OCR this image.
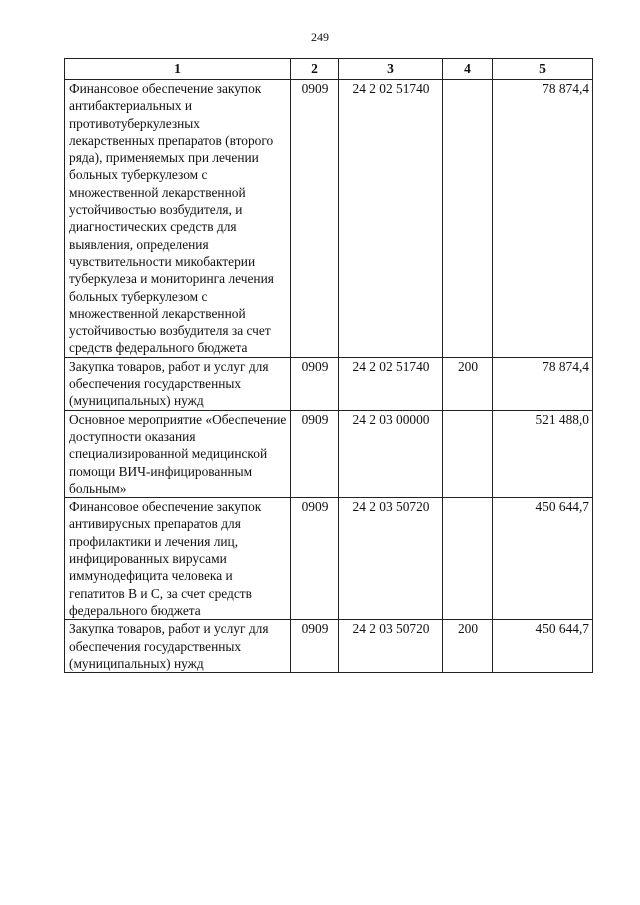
249
1	2	3	4	5
Финансовое обеспечение закупок антибактериальных и противотуберкулезных лекарственных препаратов (второго ряда), применяемых при лечении больных туберкулезом с множественной лекарственной устойчивостью возбудителя, и диагностических средств для выявления, определения чувствительности микобактерии туберкулеза и мониторинга лечения больных туберкулезом с множественной лекарственной устойчивостью возбудителя за счет средств федерального бюджета	0909	24 2 02 51740		78 874,4
Закупка товаров, работ и услуг для обеспечения государственных (муниципальных) нужд	0909	24 2 02 51740	200	78 874,4
Основное мероприятие «Обеспечение доступности оказания специализированной медицинской помощи ВИЧ-инфицированным больным»	0909	24 2 03 00000		521 488,0
Финансовое обеспечение закупок антивирусных препаратов для профилактики и лечения лиц, инфицированных вирусами иммунодефицита человека и гепатитов B и C, за счет средств федерального бюджета	0909	24 2 03 50720		450 644,7
Закупка товаров, работ и услуг для обеспечения государственных (муниципальных) нужд	0909	24 2 03 50720	200	450 644,7
